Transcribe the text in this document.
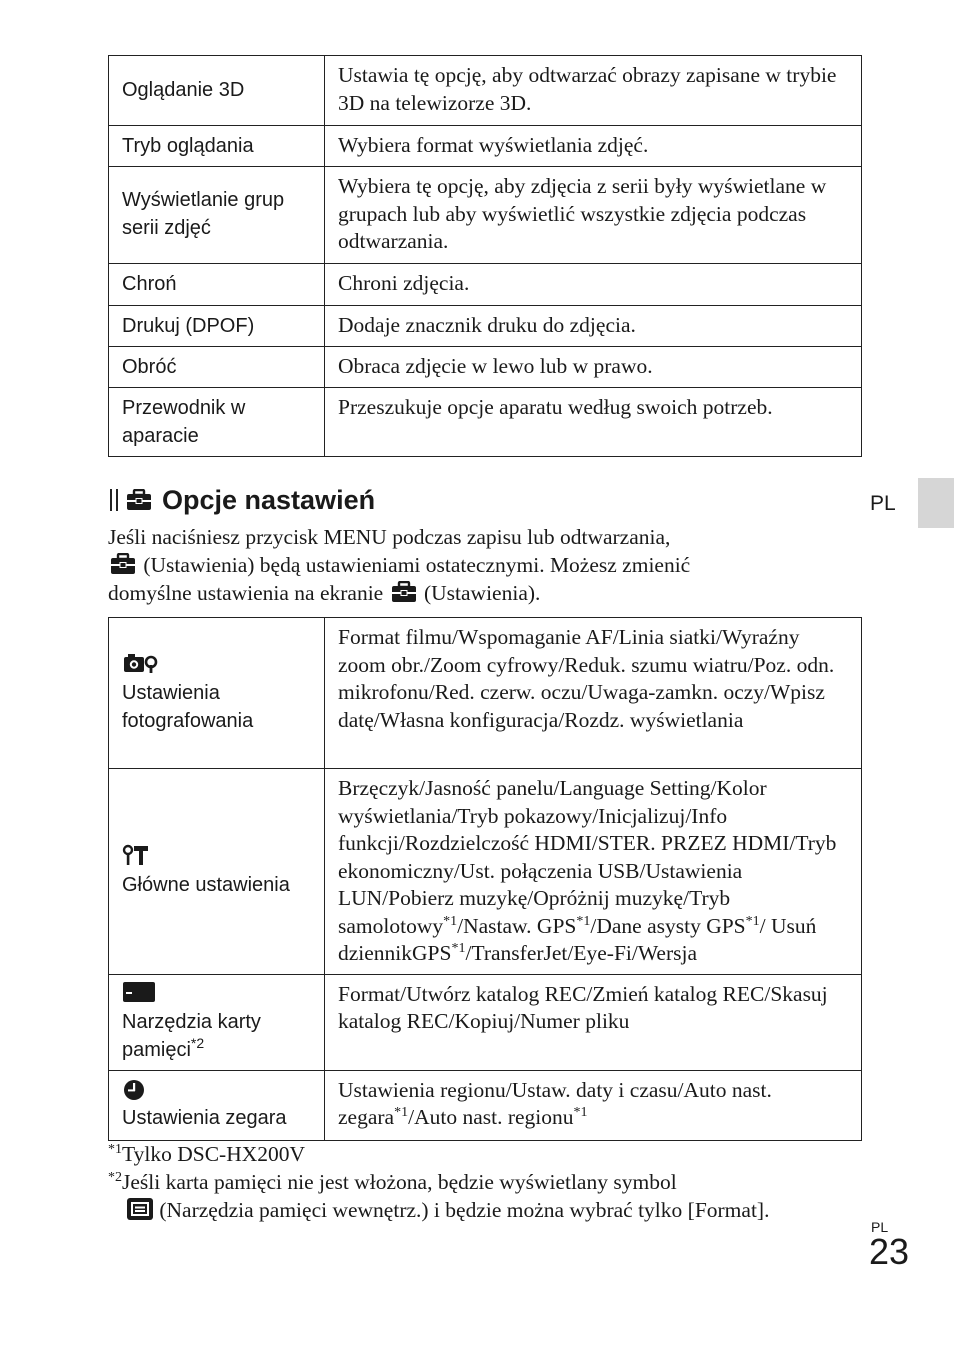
Oglądanie 3D	Ustawia tę opcję, aby odtwarzać obrazy zapisane w trybie 3D na telewizorze 3D.
Tryb oglądania	Wybiera format wyświetlania zdjęć.
Wyświetlanie grup serii zdjęć	Wybiera tę opcję, aby zdjęcia z serii były wyświetlane w grupach lub aby wyświetlić wszystkie zdjęcia podczas odtwarzania.
Chroń	Chroni zdjęcia.
Drukuj (DPOF)	Dodaje znacznik druku do zdjęcia.
Obróć	Obraca zdjęcie w lewo lub w prawo.
Przewodnik w aparacie	Przeszukuje opcje aparatu według swoich potrzeb.
Opcje nastawień
Jeśli naciśniesz przycisk MENU podczas zapisu lub odtwarzania,
(Ustawienia) będą ustawieniami ostatecznymi. Możesz zmienić
domyślne ustawienia na ekranie  (Ustawienia).
Ustawienia fotografowania	Format filmu/Wspomaganie AF/Linia siatki/Wyraźny zoom obr./Zoom cyfrowy/Reduk. szumu wiatru/Poz. odn. mikrofonu/Red. czerw. oczu/Uwaga-zamkn. oczy/Wpisz datę/Własna konfiguracja/Rozdz. wyświetlania

Główne ustawienia	Brzęczyk/Jasność panelu/Language Setting/Kolor wyświetlania/Tryb pokazowy/Inicjalizuj/Info funkcji/Rozdzielczość HDMI/STER. PRZEZ HDMI/Tryb ekonomiczny/Ust. połączenia USB/Ustawienia LUN/Pobierz muzykę/Opróżnij muzykę/Tryb samolotowy$^{*1}$/Nastaw. GPS$^{*1}$/Dane asysty GPS$^{*1}$/ Usuń dziennikGPS$^{*1}$/TransferJet/Eye-Fi/Wersja

Narzędzia karty pamięci$^{*2}$	Format/Utwórz katalog REC/Zmień katalog REC/Skasuj katalog REC/Kopiuj/Numer pliku

Ustawienia zegara	Ustawienia regionu/Ustaw. daty i czasu/Auto nast. zegara$^{*1}$/Auto nast. regionu$^{*1}$
$^{*1}$Tylko DSC-HX200V
$^{*2}$Jeśli karta pamięci nie jest włożona, będzie wyświetlany symbol
(Narzędzia pamięci wewnętrz.) i będzie można wybrać tylko [Format].
PL
PL
23
